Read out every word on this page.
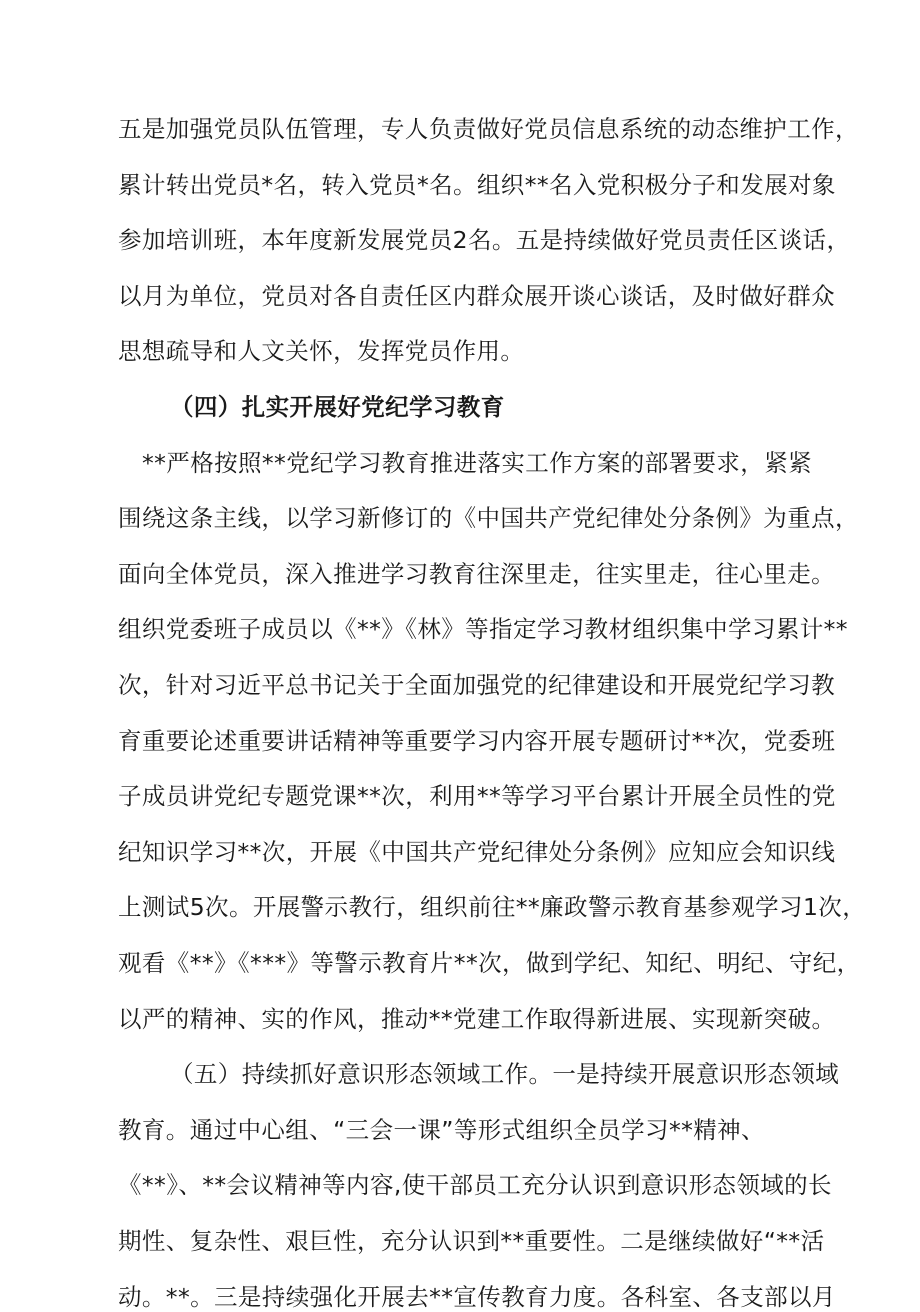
五是加强党员队伍管理，专人负责做好党员信息系统的动态维护工作，
累计转出党员*名，转入党员*名。组织**名入党积极分子和发展对象
参加培训班，本年度新发展党员2名。五是持续做好党员责任区谈话，
以月为单位，党员对各自责任区内群众展开谈心谈话，及时做好群众
思想疏导和人文关怀，发挥党员作用。
（四）扎实开展好党纪学习教育
**严格按照**党纪学习教育推进落实工作方案的部署要求，紧紧
围绕这条主线，以学习新修订的《中国共产党纪律处分条例》为重点，
面向全体党员，深入推进学习教育往深里走，往实里走，往心里走。
组织党委班子成员以《**》《林》等指定学习教材组织集中学习累计**
次，针对习近平总书记关于全面加强党的纪律建设和开展党纪学习教
育重要论述重要讲话精神等重要学习内容开展专题研讨**次，党委班
子成员讲党纪专题党课**次，利用**等学习平台累计开展全员性的党
纪知识学习**次，开展《中国共产党纪律处分条例》应知应会知识线
上测试5次。开展警示教行，组织前往**廉政警示教育基参观学习1次，
观看《**》《***》等警示教育片**次，做到学纪、知纪、明纪、守纪，
以严的精神、实的作风，推动**党建工作取得新进展、实现新突破。
（五）持续抓好意识形态领域工作。一是持续开展意识形态领域
教育。通过中心组、“三会一课”等形式组织全员学习**精神、
《**》、**会议精神等内容,使干部员工充分认识到意识形态领域的长
期性、复杂性、艰巨性，充分认识到**重要性。二是继续做好“**活
动。**。三是持续强化开展去**宣传教育力度。各科室、各支部以月
